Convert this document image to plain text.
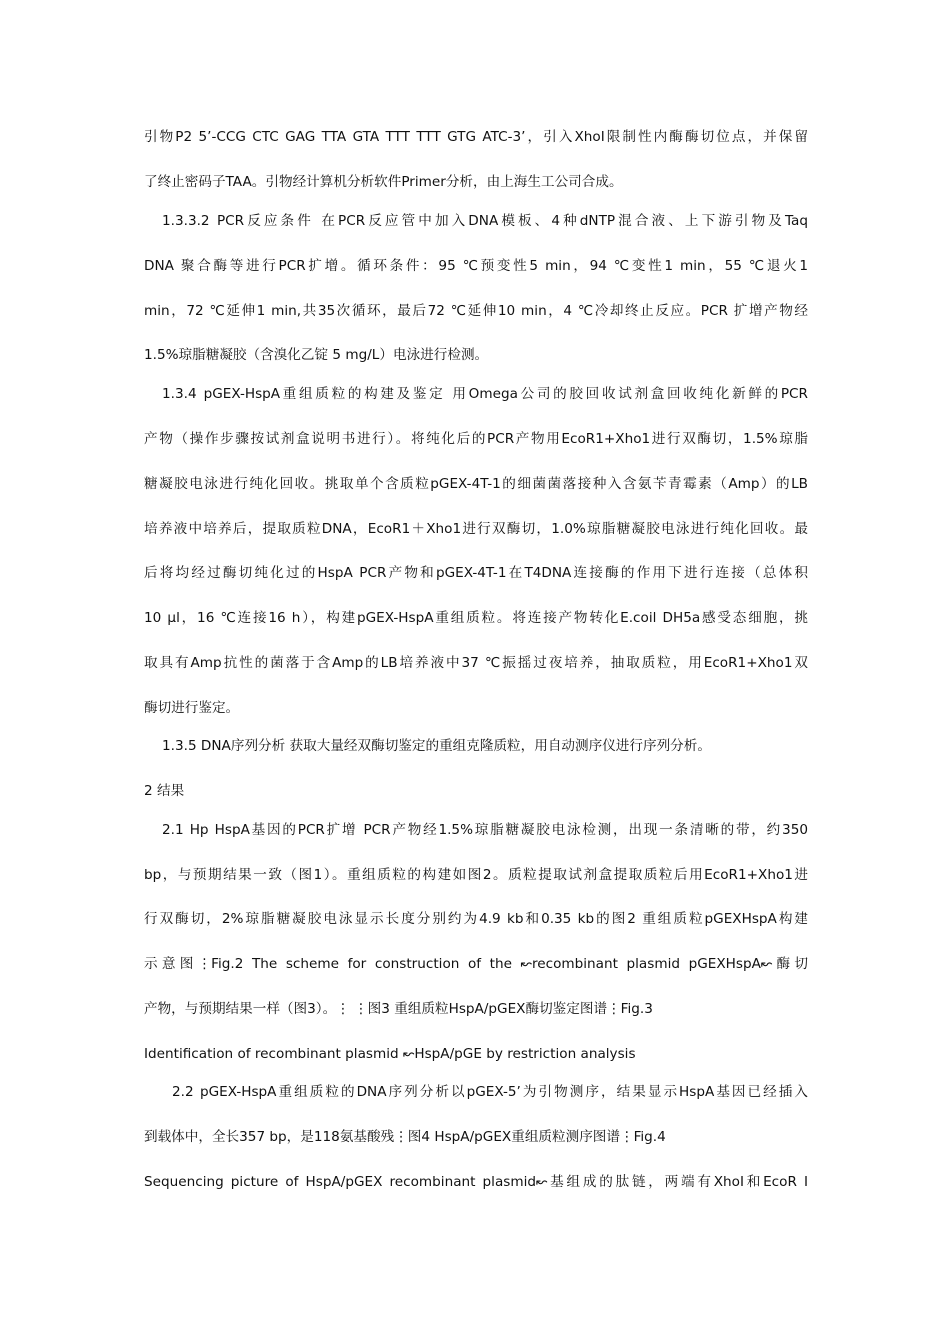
引物P2 5’-CCG CTC GAG TTA GTA TTT TTT GTG ATC-3’，引入XhoI限制性内酶酶切位点，并保留
了终止密码子TAA。引物经计算机分析软件Primer分析，由上海生工公司合成。
1.3.3.2 PCR反应条件 在PCR反应管中加入DNA模板、4种dNTP混合液、上下游引物及Taq
DNA 聚合酶等进行PCR扩增。循环条件：95 ℃预变性5 min，94 ℃变性1 min，55 ℃退火1
min，72 ℃延伸1 min,共35次循环，最后72 ℃延伸10 min，4 ℃冷却终止反应。PCR 扩增产物经
1.5%琼脂糖凝胶（含溴化乙锭 5 mg/L）电泳进行检测。
1.3.4 pGEX-HspA重组质粒的构建及鉴定 用Omega公司的胶回收试剂盒回收纯化新鲜的PCR
产物（操作步骤按试剂盒说明书进行）。将纯化后的PCR产物用EcoR1+Xho1进行双酶切，1.5%琼脂
糖凝胶电泳进行纯化回收。挑取单个含质粒pGEX-4T-1的细菌菌落接种入含氨苄青霉素（Amp）的LB
培养液中培养后，提取质粒DNA，EcoR1＋Xho1进行双酶切，1.0%琼脂糖凝胶电泳进行纯化回收。最
后将均经过酶切纯化过的HspA PCR产物和pGEX-4T-1在T4DNA连接酶的作用下进行连接（总体积
10 μl，16 ℃连接16 h），构建pGEX-HspA重组质粒。将连接产物转化E.coil DH5a感受态细胞，挑
取具有Amp抗性的菌落于含Amp的LB培养液中37 ℃振摇过夜培养，抽取质粒，用EcoR1+Xho1双
酶切进行鉴定。
1.3.5 DNA序列分析 获取大量经双酶切鉴定的重组克隆质粒，用自动测序仪进行序列分析。
2 结果
2.1 Hp HspA基因的PCR扩增 PCR产物经1.5%琼脂糖凝胶电泳检测，出现一条清晰的带，约350
bp，与预期结果一致（图1）。重组质粒的构建如图2。质粒提取试剂盒提取质粒后用EcoR1+Xho1进
行双酶切，2%琼脂糖凝胶电泳显示长度分别约为4.9 kb和0.35 kb的图2 重组质粒pGEXHspA构建
示意图⋮Fig.2 The scheme for construction of the ↜recombinant plasmid pGEXHspA↜酶切
产物，与预期结果一样（图3）。⋮ ⋮图3 重组质粒HspA/pGEX酶切鉴定图谱⋮Fig.3
Identification of recombinant plasmid ↜HspA/pGE by restriction analysis
2.2 pGEX-HspA重组质粒的DNA序列分析以pGEX-5’为引物测序，结果显示HspA基因已经插入
到载体中，全长357 bp，是118氨基酸残⋮图4 HspA/pGEX重组质粒测序图谱⋮Fig.4
Sequencing picture of HspA/pGEX recombinant plasmid↜基组成的肽链，两端有XhoI和EcoR I
